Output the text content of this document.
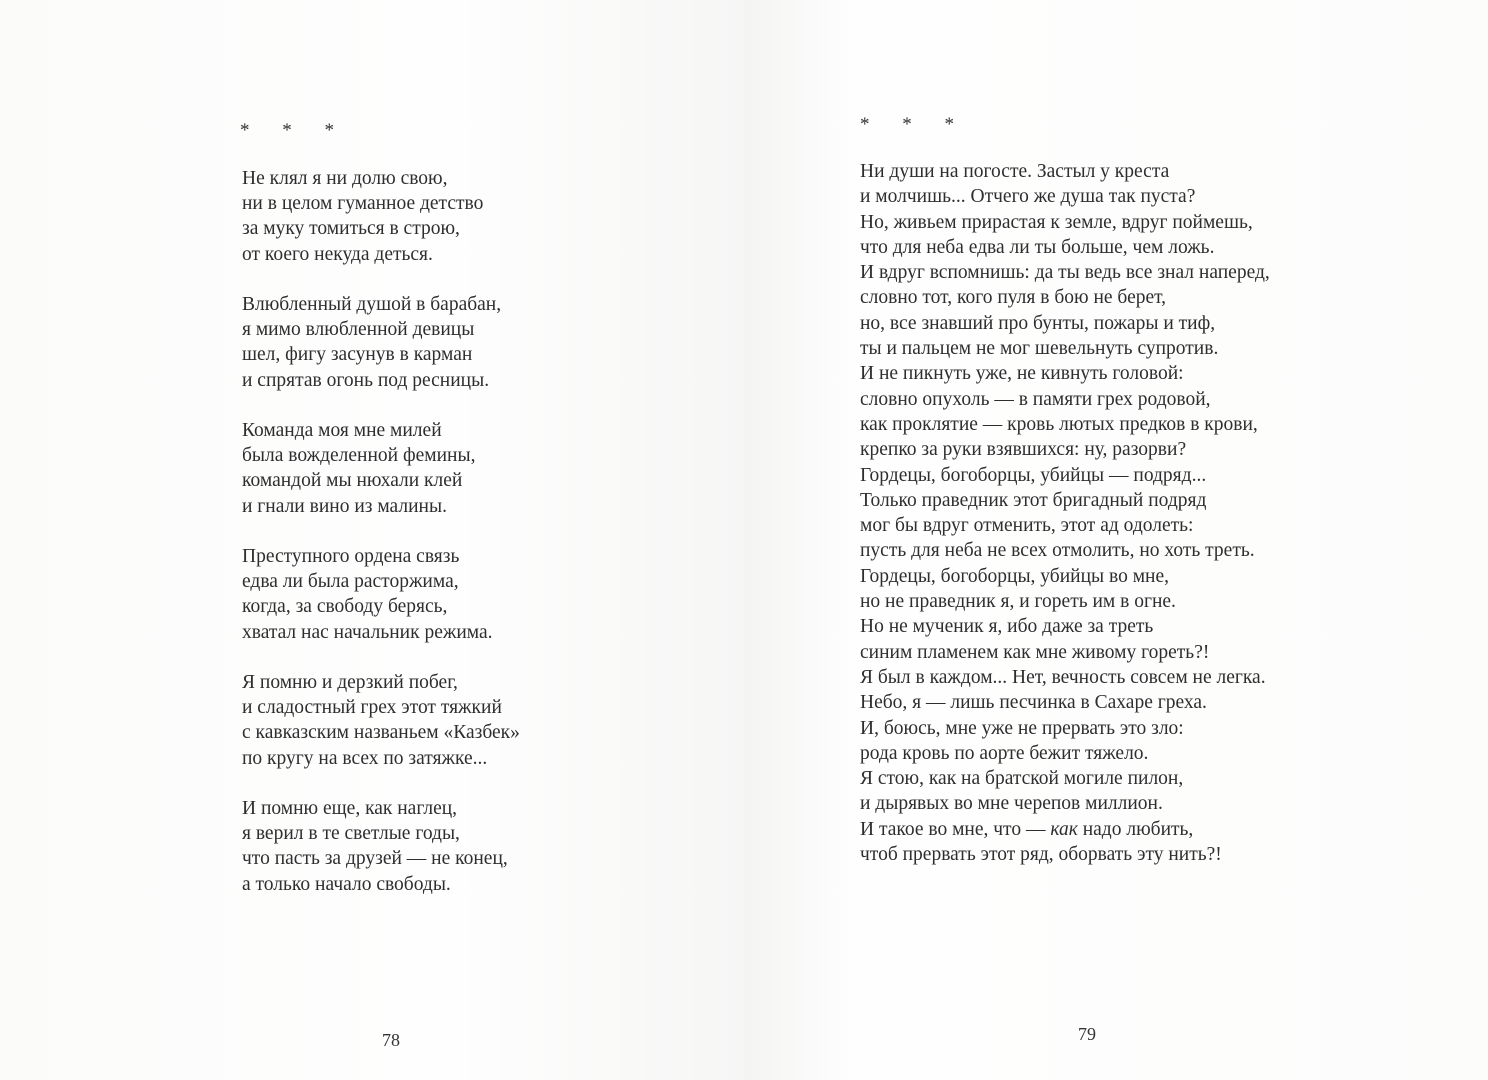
* * *
Не клял я ни долю свою,
ни в целом гуманное детство
за муку томиться в строю,
от коего некуда деться.
Влюбленный душой в барабан,
я мимо влюбленной девицы
шел, фигу засунув в карман
и спрятав огонь под ресницы.
Команда моя мне милей
была вожделенной фемины,
командой мы нюхали клей
и гнали вино из малины.
Преступного ордена связь
едва ли была расторжима,
когда, за свободу берясь,
хватал нас начальник режима.
Я помню и дерзкий побег,
и сладостный грех этот тяжкий
с кавказским названьем «Казбек»
по кругу на всех по затяжке...
И помню еще, как наглец,
я верил в те светлые годы,
что пасть за друзей — не конец,
а только начало свободы.
78
* * *
Ни души на погосте. Застыл у креста
и молчишь... Отчего же душа так пуста?
Но, живьем прирастая к земле, вдруг поймешь,
что для неба едва ли ты больше, чем ложь.
И вдруг вспомнишь: да ты ведь все знал наперед,
словно тот, кого пуля в бою не берет,
но, все знавший про бунты, пожары и тиф,
ты и пальцем не мог шевельнуть супротив.
И не пикнуть уже, не кивнуть головой:
словно опухоль — в памяти грех родовой,
как проклятие — кровь лютых предков в крови,
крепко за руки взявшихся: ну, разорви?
Гордецы, богоборцы, убийцы — подряд...
Только праведник этот бригадный подряд
мог бы вдруг отменить, этот ад одолеть:
пусть для неба не всех отмолить, но хоть треть.
Гордецы, богоборцы, убийцы во мне,
но не праведник я, и гореть им в огне.
Но не мученик я, ибо даже за треть
синим пламенем как мне живому гореть?!
Я был в каждом... Нет, вечность совсем не легка.
Небо, я — лишь песчинка в Сахаре греха.
И, боюсь, мне уже не прервать это зло:
рода кровь по аорте бежит тяжело.
Я стою, как на братской могиле пилон,
и дырявых во мне черепов миллион.
И такое во мне, что — как надо любить,
чтоб прервать этот ряд, оборвать эту нить?!
79
